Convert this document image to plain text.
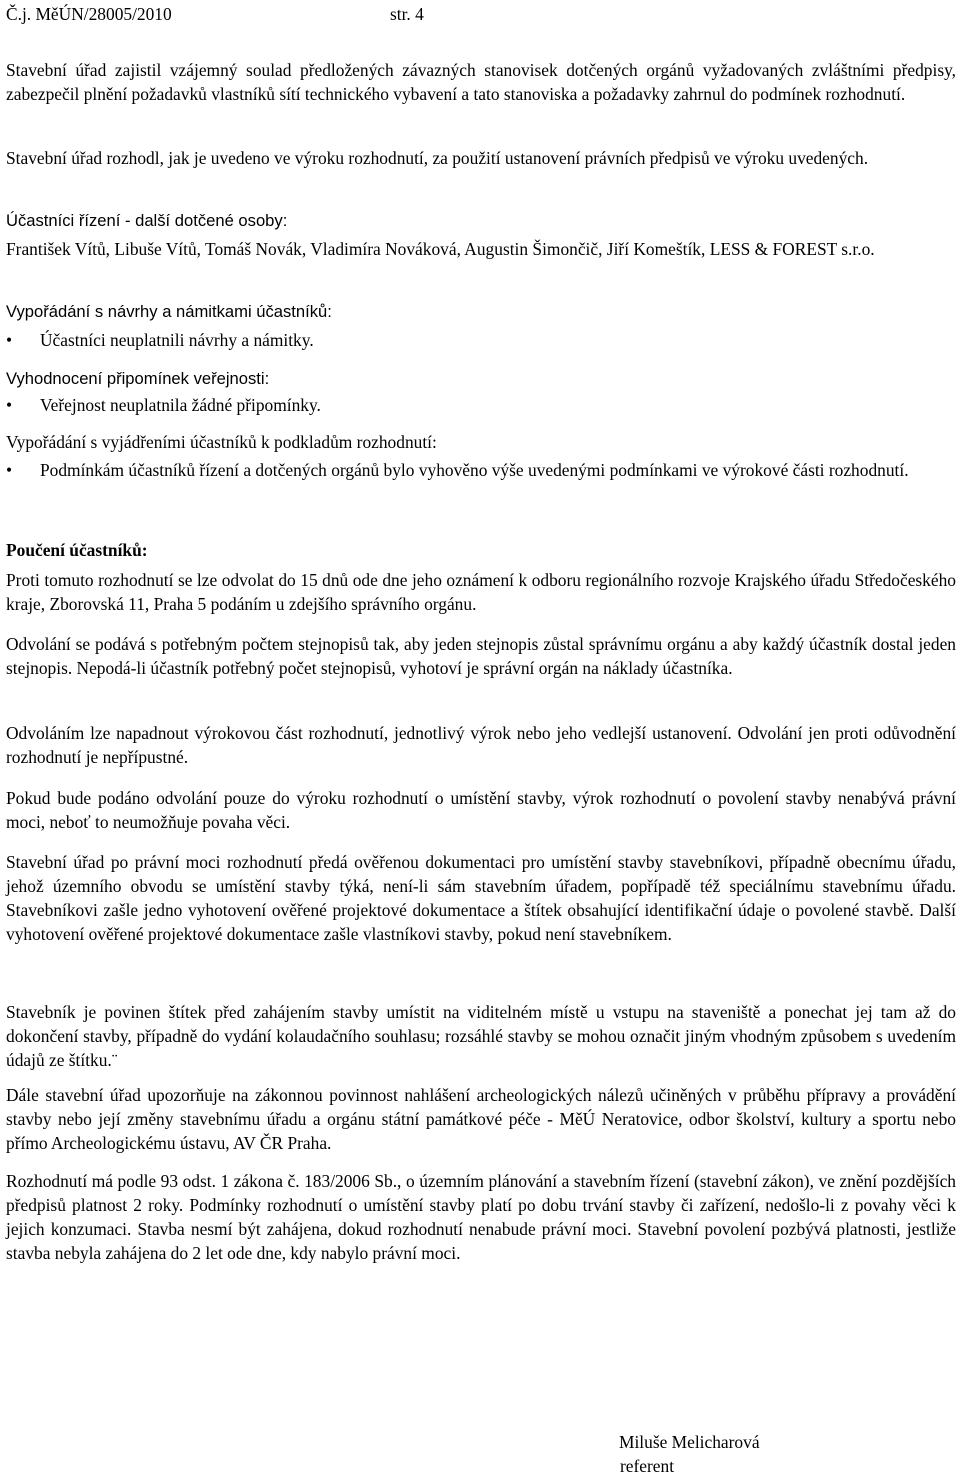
Č.j. MěÚN/28005/2010	str. 4

Stavební úřad zajistil vzájemný soulad předložených závazných stanovisek dotčených orgánů vyžadovaných zvláštními předpisy, zabezpečil plnění požadavků vlastníků sítí technického vybavení a tato stanoviska a požadavky zahrnul do podmínek rozhodnutí.

Stavební úřad rozhodl, jak je uvedeno ve výroku rozhodnutí, za použití ustanovení právních předpisů ve výroku uvedených.

Účastníci řízení - další dotčené osoby:

František Vítů, Libuše Vítů, Tomáš Novák, Vladimíra Nováková, Augustin Šimončič, Jiří Komeštík, LESS & FOREST s.r.o.

Vypořádání s návrhy a námitkami účastníků:

• Účastníci neuplatnili návrhy a námitky.

Vyhodnocení připomínek veřejnosti:

• Veřejnost neuplatnila žádné připomínky.

Vypořádání s vyjádřeními účastníků k podkladům rozhodnutí:

• Podmínkám účastníků řízení a dotčených orgánů bylo vyhověno výše uvedenými podmínkami ve výrokové části rozhodnutí.

Poučení účastníků:

Proti tomuto rozhodnutí se lze odvolat do 15 dnů ode dne jeho oznámení k odboru regionálního rozvoje Krajského úřadu Středočeského kraje, Zborovská 11, Praha 5 podáním u zdejšího správního orgánu.

Odvolání se podává s potřebným počtem stejnopisů tak, aby jeden stejnopis zůstal správnímu orgánu a aby každý účastník dostal jeden stejnopis. Nepodá-li účastník potřebný počet stejnopisů, vyhotoví je správní orgán na náklady účastníka.

Odvoláním lze napadnout výrokovou část rozhodnutí, jednotlivý výrok nebo jeho vedlejší ustanovení. Odvolání jen proti odůvodnění rozhodnutí je nepřípustné.

Pokud bude podáno odvolání pouze do výroku rozhodnutí o umístění stavby, výrok rozhodnutí o povolení stavby nenabývá právní moci, neboť to neumožňuje povaha věci.

Stavební úřad po právní moci rozhodnutí předá ověřenou dokumentaci pro umístění stavby stavebníkovi, případně obecnímu úřadu, jehož územního obvodu se umístění stavby týká, není-li sám stavebním úřadem, popřípadě též speciálnímu stavebnímu úřadu. Stavebníkovi zašle jedno vyhotovení ověřené projektové dokumentace a štítek obsahující identifikační údaje o povolené stavbě. Další vyhotovení ověřené projektové dokumentace zašle vlastníkovi stavby, pokud není stavebníkem.

Stavebník je povinen štítek před zahájením stavby umístit na viditelném místě u vstupu na staveniště a ponechat jej tam až do dokončení stavby, případně do vydání kolaudačního souhlasu; rozsáhlé stavby se mohou označit jiným vhodným způsobem s uvedením údajů ze štítku.¨

Dále stavební úřad upozorňuje na zákonnou povinnost nahlášení archeologických nálezů učiněných v průběhu přípravy a provádění stavby nebo její změny stavebnímu úřadu a orgánu státní památkové péče - MěÚ Neratovice, odbor školství, kultury a sportu nebo přímo Archeologickému ústavu, AV ČR Praha.

Rozhodnutí má podle 93 odst. 1 zákona č. 183/2006 Sb., o územním plánování a stavebním řízení (stavební zákon), ve znění pozdějších předpisů platnost 2 roky. Podmínky rozhodnutí o umístění stavby platí po dobu trvání stavby či zařízení, nedošlo-li z povahy věci k jejich konzumaci. Stavba nesmí být zahájena, dokud rozhodnutí nenabude právní moci. Stavební povolení pozbývá platnosti, jestliže stavba nebyla zahájena do 2 let ode dne, kdy nabylo právní moci.

Miluše Melicharová
referent
